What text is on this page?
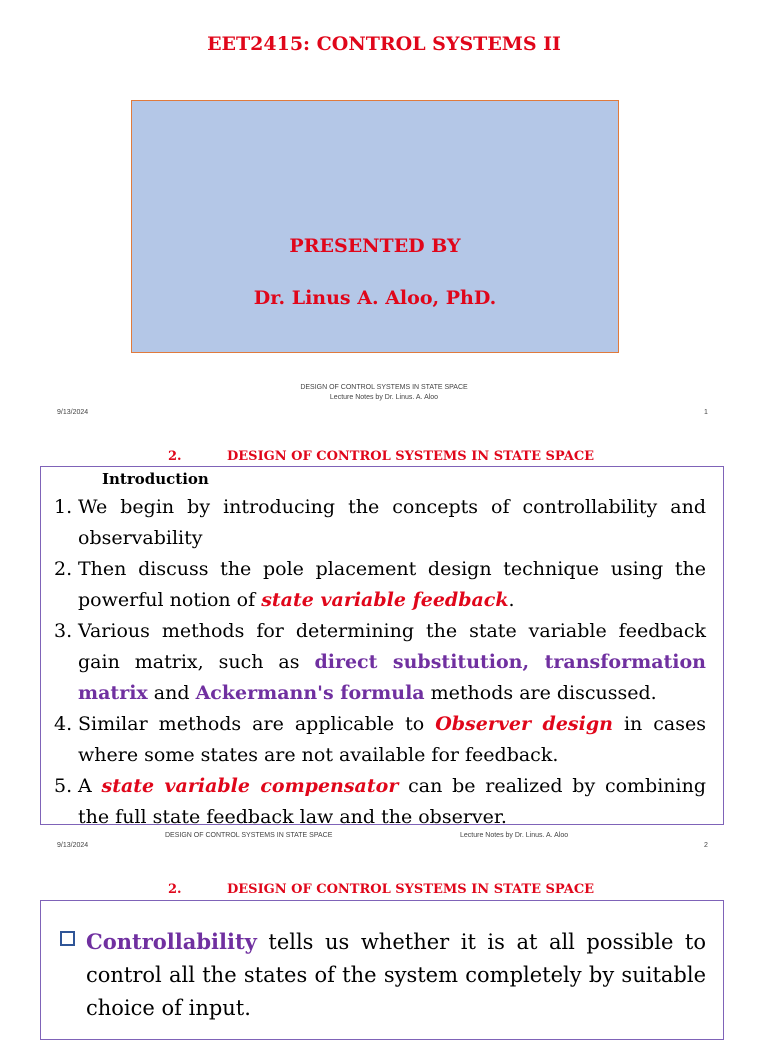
EET2415: CONTROL SYSTEMS II
PRESENTED BY
Dr. Linus A. Aloo, PhD.
DESIGN OF CONTROL SYSTEMS IN STATE SPACE
Lecture Notes by Dr. Linus. A. Aloo
9/13/2024	1
2.	DESIGN OF CONTROL SYSTEMS IN STATE SPACE
Introduction
1. We begin by introducing the concepts of controllability and observability
2. Then discuss the pole placement design technique using the powerful notion of state variable feedback.
3. Various methods for determining the state variable feedback gain matrix, such as direct substitution, transformation matrix and Ackermann's formula methods are discussed.
4. Similar methods are applicable to Observer design in cases where some states are not available for feedback.
5. A state variable compensator can be realized by combining the full state feedback law and the observer.
DESIGN OF CONTROL SYSTEMS IN STATE SPACE	Lecture Notes by Dr. Linus. A. Aloo
9/13/2024	2
2.	DESIGN OF CONTROL SYSTEMS IN STATE SPACE
Controllability tells us whether it is at all possible to control all the states of the system completely by suitable choice of input.
